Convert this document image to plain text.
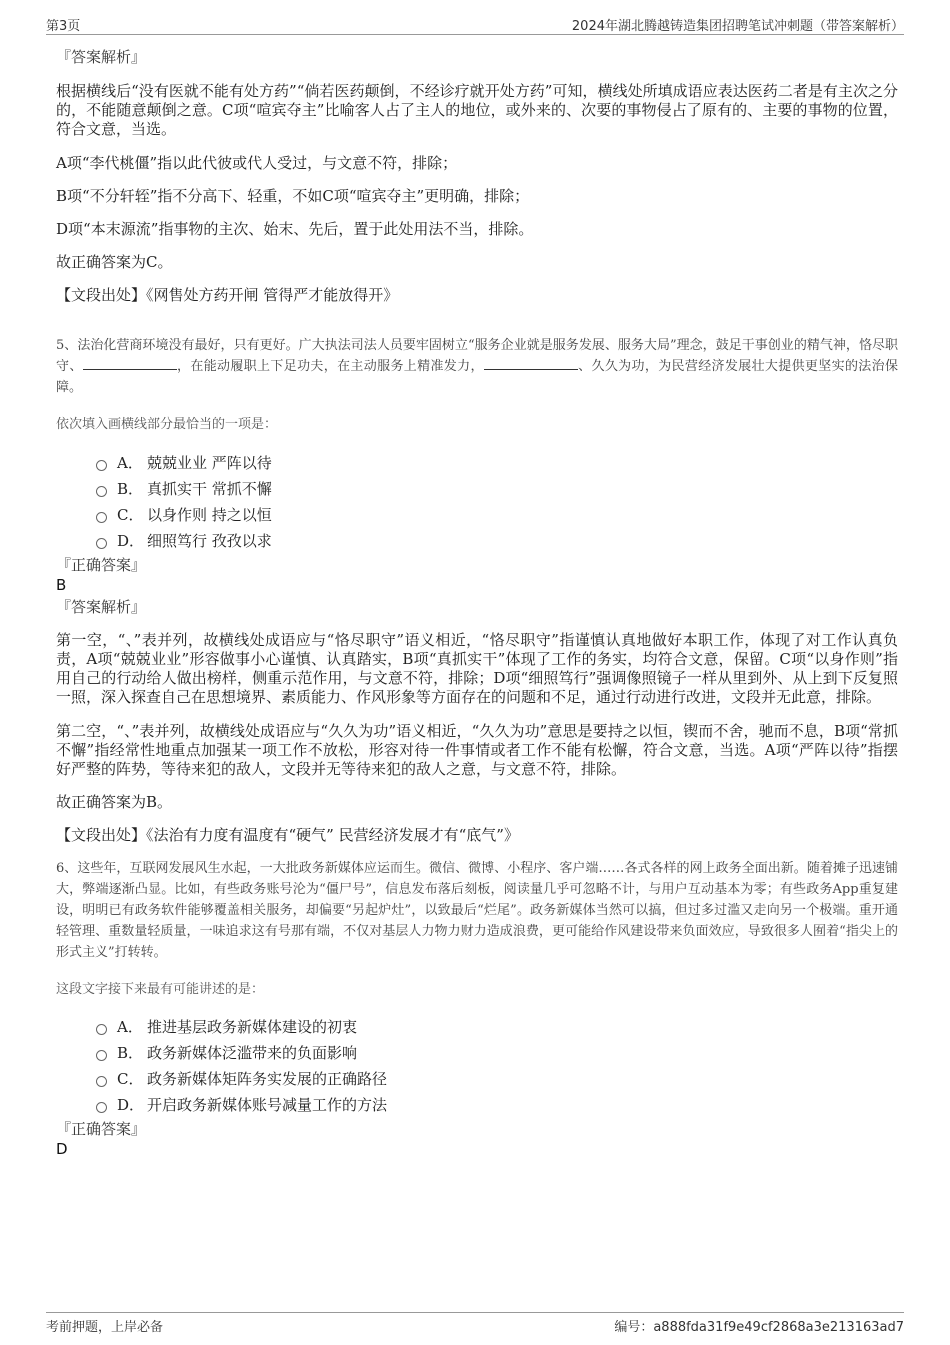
第3页	2024年湖北腾越铸造集团招聘笔试冲刺题（带答案解析）

『答案解析』

根据横线后“没有医就不能有处方药”“倘若医药颠倒，不经诊疗就开处方药”可知，横线处所填成语应表达医药二者是有主次之分的，不能随意颠倒之意。C项“喧宾夺主”比喻客人占了主人的地位，或外来的、次要的事物侵占了原有的、主要的事物的位置，符合文意，当选。

A项“李代桃僵”指以此代彼或代人受过，与文意不符，排除；

B项“不分轩轾”指不分高下、轻重，不如C项“喧宾夺主”更明确，排除；

D项“本末源流”指事物的主次、始末、先后，置于此处用法不当，排除。

故正确答案为C。

【文段出处】《网售处方药开闸 管得严才能放得开》

5、法治化营商环境没有最好，只有更好。广大执法司法人员要牢固树立“服务企业就是服务发展、服务大局”理念，鼓足干事创业的精气神，恪尽职守、	，在能动履职上下足功夫，在主动服务上精准发力，	、久久为功，为民营经济发展壮大提供更坚实的法治保障。

依次填入画横线部分最恰当的一项是：

A． 兢兢业业 严阵以待
B． 真抓实干 常抓不懈
C． 以身作则 持之以恒
D． 细照笃行 孜孜以求

『正确答案』

B

『答案解析』

第一空，“、”表并列，故横线处成语应与“恪尽职守”语义相近，“恪尽职守”指谨慎认真地做好本职工作，体现了对工作认真负责，A项“兢兢业业”形容做事小心谨慎、认真踏实，B项“真抓实干”体现了工作的务实，均符合文意，保留。C项“以身作则”指用自己的行动给人做出榜样，侧重示范作用，与文意不符，排除；D项“细照笃行”强调像照镜子一样从里到外、从上到下反复照一照，深入探查自己在思想境界、素质能力、作风形象等方面存在的问题和不足，通过行动进行改进，文段并无此意，排除。

第二空，“、”表并列，故横线处成语应与“久久为功”语义相近，“久久为功”意思是要持之以恒，锲而不舍，驰而不息，B项“常抓不懈”指经常性地重点加强某一项工作不放松，形容对待一件事情或者工作不能有松懈，符合文意，当选。A项“严阵以待”指摆好严整的阵势，等待来犯的敌人，文段并无等待来犯的敌人之意，与文意不符，排除。

故正确答案为B。

【文段出处】《法治有力度有温度有“硬气” 民营经济发展才有“底气”》

6、这些年，互联网发展风生水起，一大批政务新媒体应运而生。微信、微博、小程序、客户端……各式各样的网上政务全面出新。随着摊子迅速铺大，弊端逐渐凸显。比如，有些政务账号沦为“僵尸号”，信息发布落后刻板，阅读量几乎可忽略不计，与用户互动基本为零；有些政务App重复建设，明明已有政务软件能够覆盖相关服务，却偏要“另起炉灶”，以致最后“烂尾”。政务新媒体当然可以搞，但过多过滥又走向另一个极端。重开通轻管理、重数量轻质量，一味追求这有号那有端，不仅对基层人力物力财力造成浪费，更可能给作风建设带来负面效应，导致很多人囿着“指尖上的形式主义”打转转。

这段文字接下来最有可能讲述的是：

A． 推进基层政务新媒体建设的初衷
B． 政务新媒体泛滥带来的负面影响
C． 政务新媒体矩阵务实发展的正确路径
D． 开启政务新媒体账号减量工作的方法

『正确答案』

D

考前押题，上岸必备	编号：a888fda31f9e49cf2868a3e213163ad7
